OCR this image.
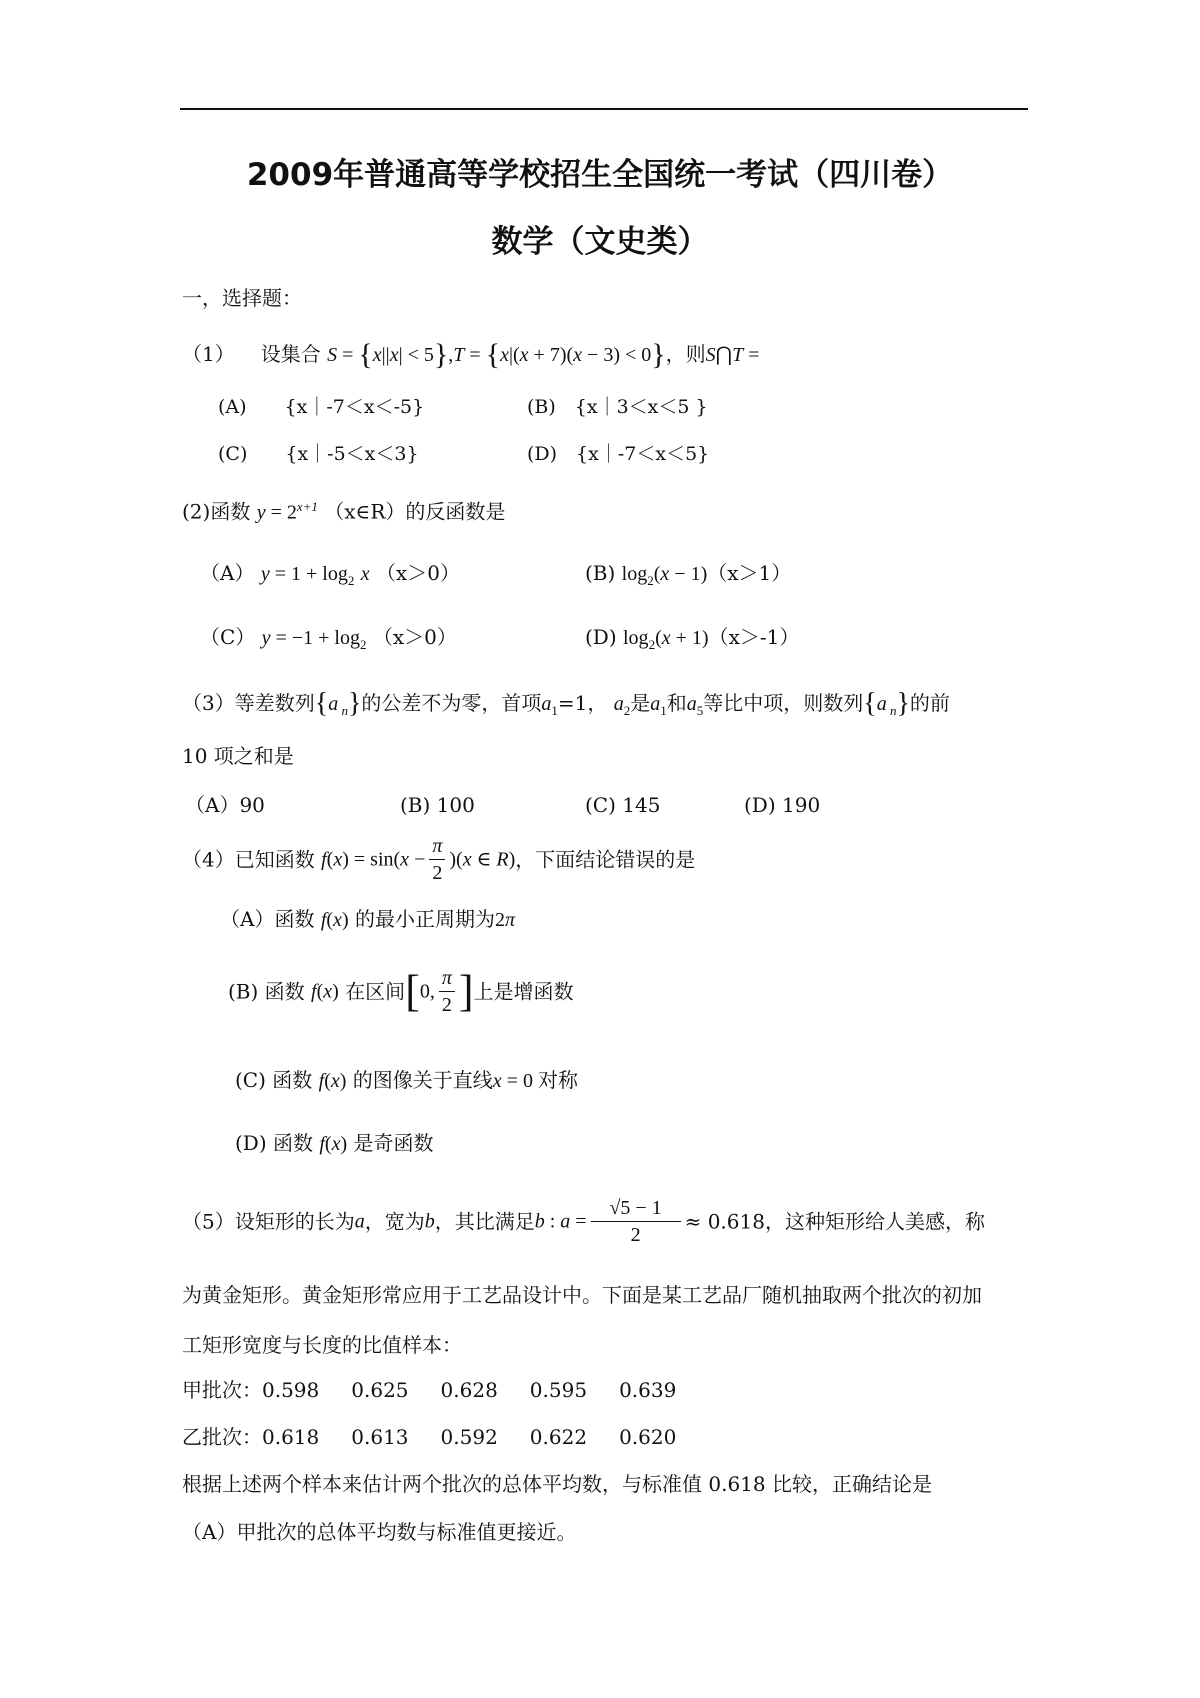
2009年普通高等学校招生全国统一考试（四川卷）
数学（文史类）
一，选择题：
（1） 设集合 S = {x||x| < 5},T = {x|(x + 7)(x − 3) < 0}，则S⋂T =
(A)　　{x｜-7＜x＜-5}	(B)　{x｜3＜x＜5 }
(C)　　{x｜-5＜x＜3}	(D)　{x｜-7＜x＜5}
(2)函数 $y = 2^{x+1}$ （x∈R）的反函数是
（A） $y = 1 + \log_2 x$ （x＞0）	(B) $\log_2(x - 1)(x>1)$
（C） $y = -1 + \log_2 (x>0)$	(D) $\log_2(x + 1)(x>-1)$
（3）等差数列{a $_n$}的公差不为零，首项$a_1=1$， $a_2$是$a_1$和$a_5$等比中项，则数列{a $_n$}的前
10 项之和是
（A）90	(B) 100	(C) 145	(D) 190
（4）已知函数 $f(x) = \sin(x - \frac{\pi}{2} )(x$ ∈ R)，下面结论错误的是
（A）函数 f(x) 的最小正周期为2π
(B) 函数 f(x) 在区间[0, $\frac{\pi}{2}$ ]上是增函数
(C) 函数 f(x) 的图像关于直线x = 0 对称
(D) 函数 f(x) 是奇函数
（5）设矩形的长为a，宽为b，其比满足b : $a = \frac{√5 - 1}{2} \approx 0.618$，这种矩形给人美感，称
为黄金矩形。黄金矩形常应用于工艺品设计中。下面是某工艺品厂随机抽取两个批次的初加
工矩形宽度与长度的比值样本：
甲批次：0.598 0.625 0.628 0.595 0.639
乙批次：0.618 0.613 0.592 0.622 0.620
根据上述两个样本来估计两个批次的总体平均数，与标准值 0.618 比较，正确结论是
（A）甲批次的总体平均数与标准值更接近。
